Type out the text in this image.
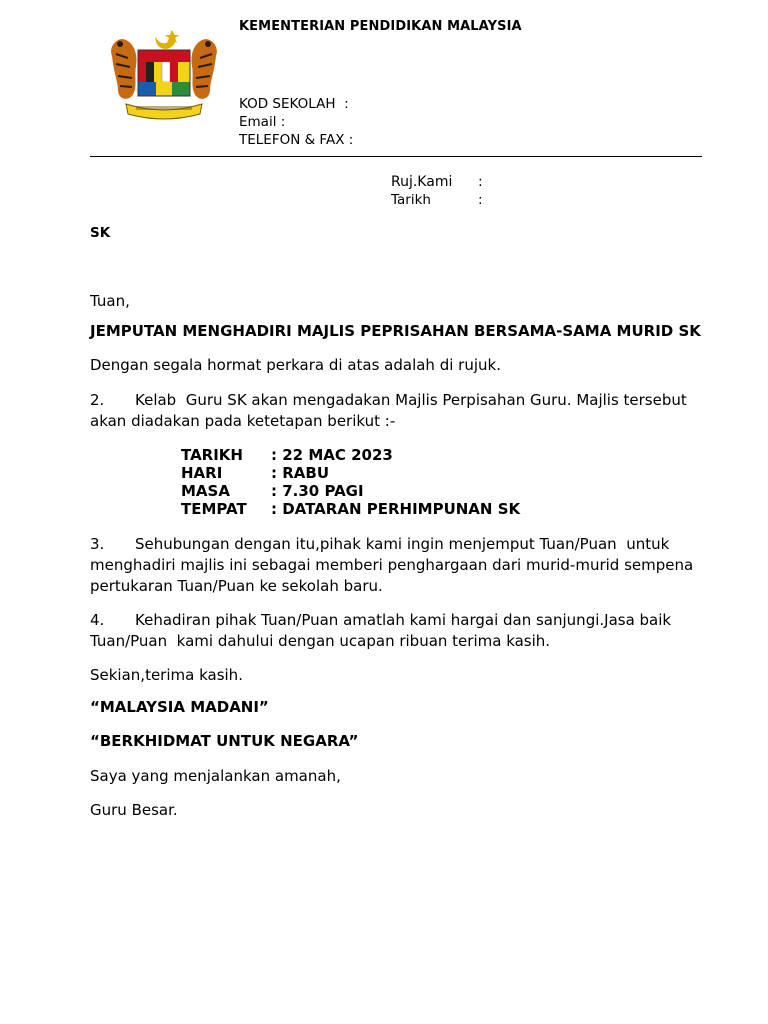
KEMENTERIAN PENDIDIKAN MALAYSIA
KOD SEKOLAH  :
Email :
TELEFON & FAX :
Ruj.Kami	:
Tarikh	:
SK
Tuan,
JEMPUTAN MENGHADIRI MAJLIS PEPRISAHAN BERSAMA-SAMA MURID SK
Dengan segala hormat perkara di atas adalah di rujuk.
2.	Kelab  Guru SK akan mengadakan Majlis Perpisahan Guru. Majlis tersebut
akan diadakan pada ketetapan berikut :-
TARIKH	: 22 MAC 2023
HARI	: RABU
MASA	: 7.30 PAGI
TEMPAT	: DATARAN PERHIMPUNAN SK
3.	Sehubungan dengan itu,pihak kami ingin menjemput Tuan/Puan  untuk
menghadiri majlis ini sebagai memberi penghargaan dari murid-murid sempena
pertukaran Tuan/Puan ke sekolah baru.
4.	Kehadiran pihak Tuan/Puan amatlah kami hargai dan sanjungi.Jasa baik
Tuan/Puan  kami dahului dengan ucapan ribuan terima kasih.
Sekian,terima kasih.
“MALAYSIA MADANI”
“BERKHIDMAT UNTUK NEGARA”
Saya yang menjalankan amanah,
Guru Besar.
